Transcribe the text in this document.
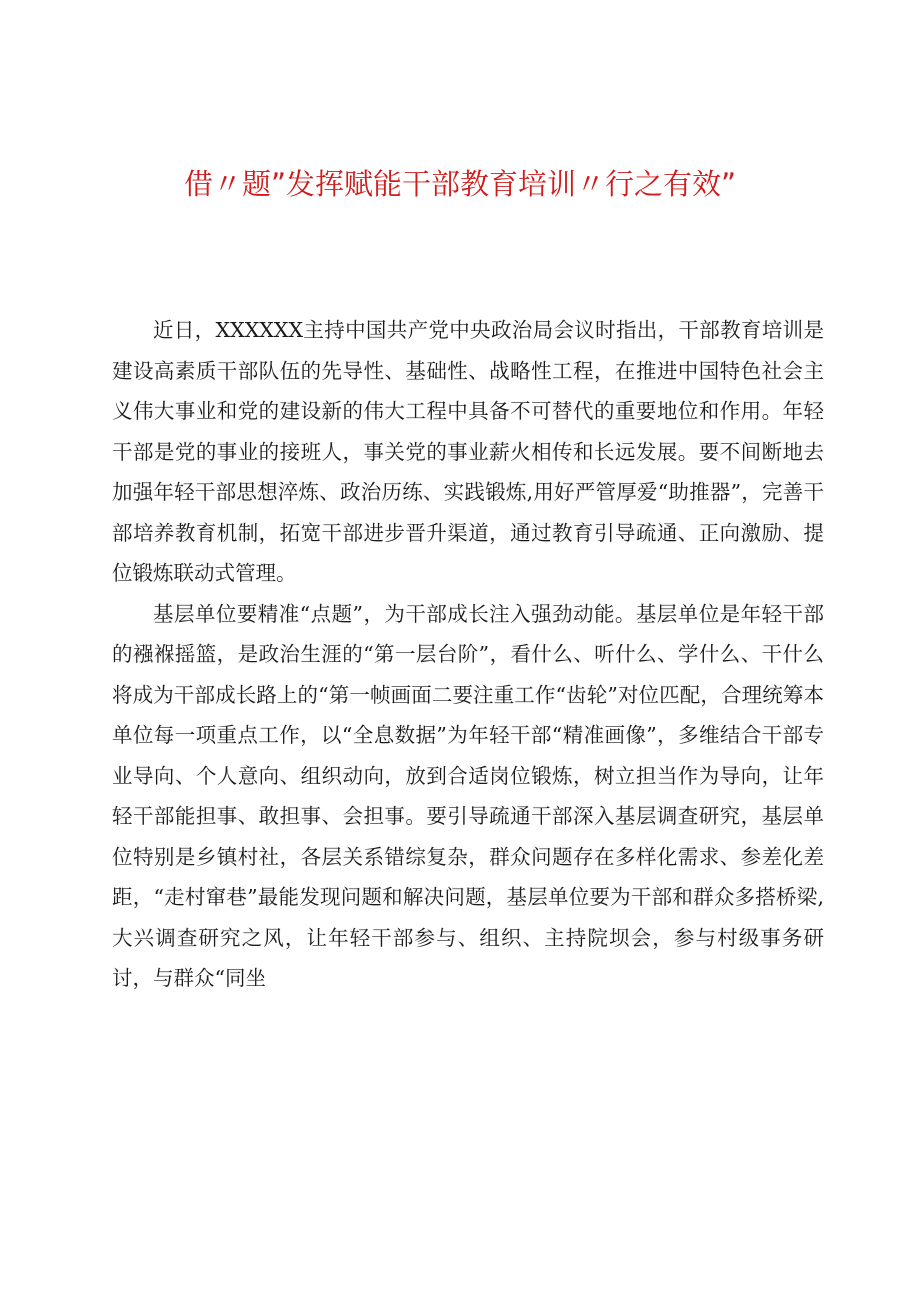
借〃题”发挥赋能干部教育培训〃行之有效”

近日，XXXXXX主持中国共产党中央政治局会议时指出，干部教育培训是建设高素质干部队伍的先导性、基础性、战略性工程，在推进中国特色社会主义伟大事业和党的建设新的伟大工程中具备不可替代的重要地位和作用。年轻干部是党的事业的接班人，事关党的事业薪火相传和长远发展。要不间断地去加强年轻干部思想淬炼、政治历练、实践锻炼,用好严管厚爱“助推器”，完善干部培养教育机制，拓宽干部进步晋升渠道，通过教育引导疏通、正向激励、提位锻炼联动式管理。

基层单位要精准“点题”，为干部成长注入强劲动能。基层单位是年轻干部的襁褓摇篮，是政治生涯的“第一层台阶”，看什么、听什么、学什么、干什么将成为干部成长路上的“第一帧画面二要注重工作“齿轮”对位匹配，合理统筹本单位每一项重点工作，以“全息数据”为年轻干部“精准画像”，多维结合干部专业导向、个人意向、组织动向，放到合适岗位锻炼，树立担当作为导向，让年轻干部能担事、敢担事、会担事。要引导疏通干部深入基层调查研究，基层单位特别是乡镇村社，各层关系错综复杂，群众问题存在多样化需求、参差化差距，“走村窜巷”最能发现问题和解决问题，基层单位要为干部和群众多搭桥梁,大兴调查研究之风，让年轻干部参与、组织、主持院坝会，参与村级事务研讨，与群众“同坐
